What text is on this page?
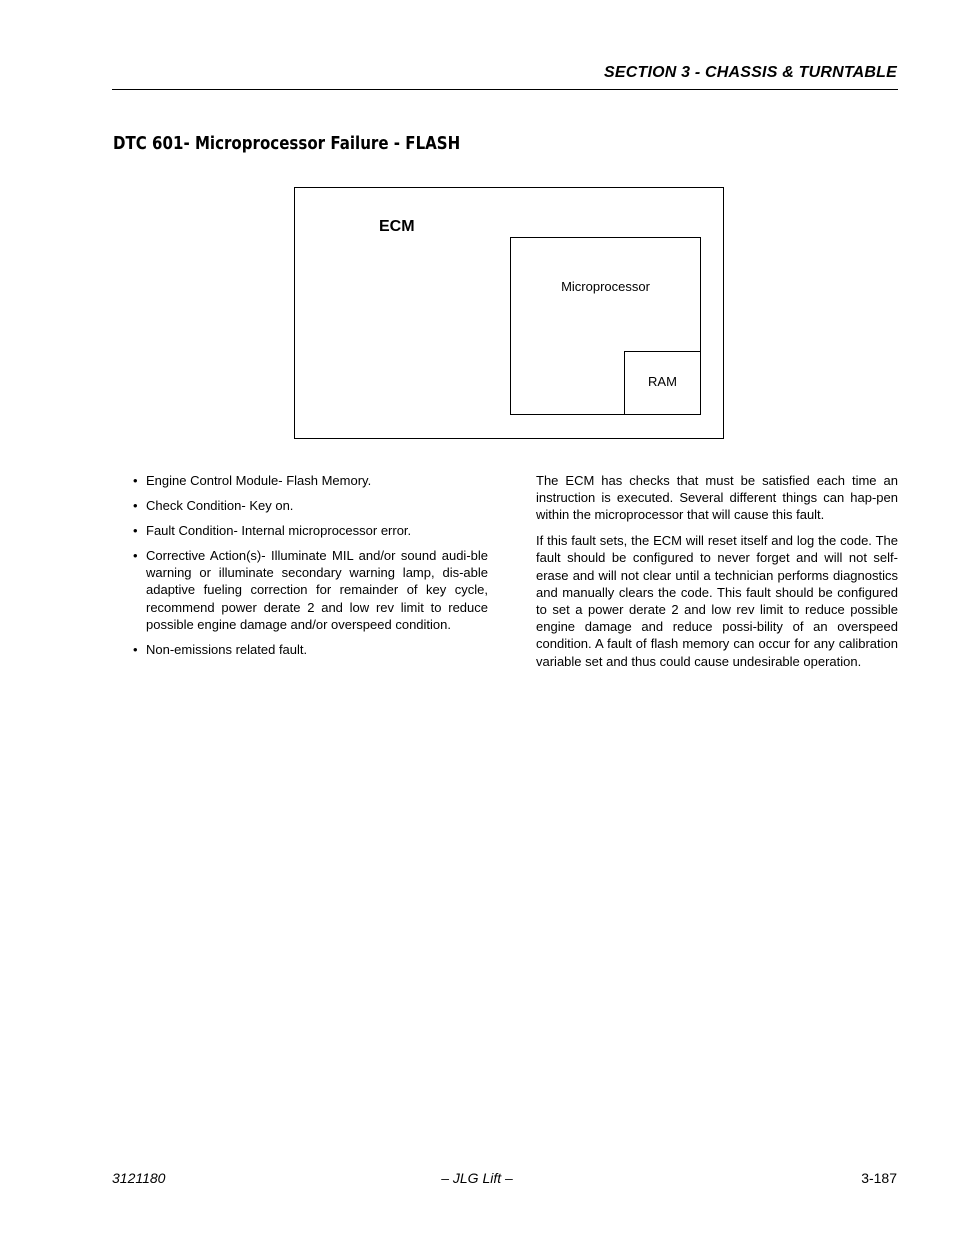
SECTION 3 - CHASSIS & TURNTABLE
DTC 601- Microprocessor Failure - FLASH
ECM
Microprocessor
RAM
• Engine Control Module- Flash Memory.
• Check Condition- Key on.
• Fault Condition- Internal microprocessor error.
• Corrective Action(s)- Illuminate MIL and/or sound audi-ble warning or illuminate secondary warning lamp, dis-able adaptive fueling correction for remainder of key cycle, recommend power derate 2 and low rev limit to reduce possible engine damage and/or overspeed condition.
• Non-emissions related fault.

The ECM has checks that must be satisfied each time an instruction is executed. Several different things can hap-pen within the microprocessor that will cause this fault.

If this fault sets, the ECM will reset itself and log the code. The fault should be configured to never forget and will not self-erase and will not clear until a technician performs diagnostics and manually clears the code. This fault should be configured to set a power derate 2 and low rev limit to reduce possible engine damage and reduce possi-bility of an overspeed condition. A fault of flash memory can occur for any calibration variable set and thus could cause undesirable operation.

3121180	– JLG Lift –	3-187
